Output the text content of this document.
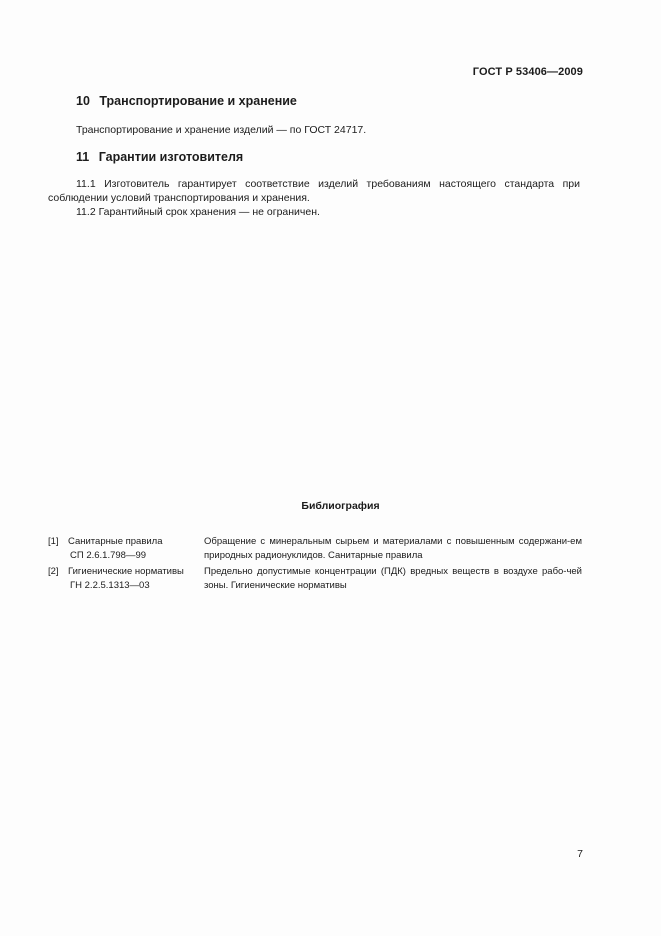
ГОСТ Р 53406—2009
10 Транспортирование и хранение

Транспортирование и хранение изделий — по ГОСТ 24717.

11 Гарантии изготовителя

11.1 Изготовитель гарантирует соответствие изделий требованиям настоящего стандарта при соблюдении условий транспортирования и хранения.

11.2 Гарантийный срок хранения — не ограничен.

Библиография
[1] Санитарные правила
СП 2.6.1.798—99
Обращение с минеральным сырьем и материалами с повышенным содержани-ем природных радионуклидов. Санитарные правила
[2] Гигиенические нормативы
ГН 2.2.5.1313—03
Предельно допустимые концентрации (ПДК) вредных веществ в воздухе рабо-чей зоны. Гигиенические нормативы
7
